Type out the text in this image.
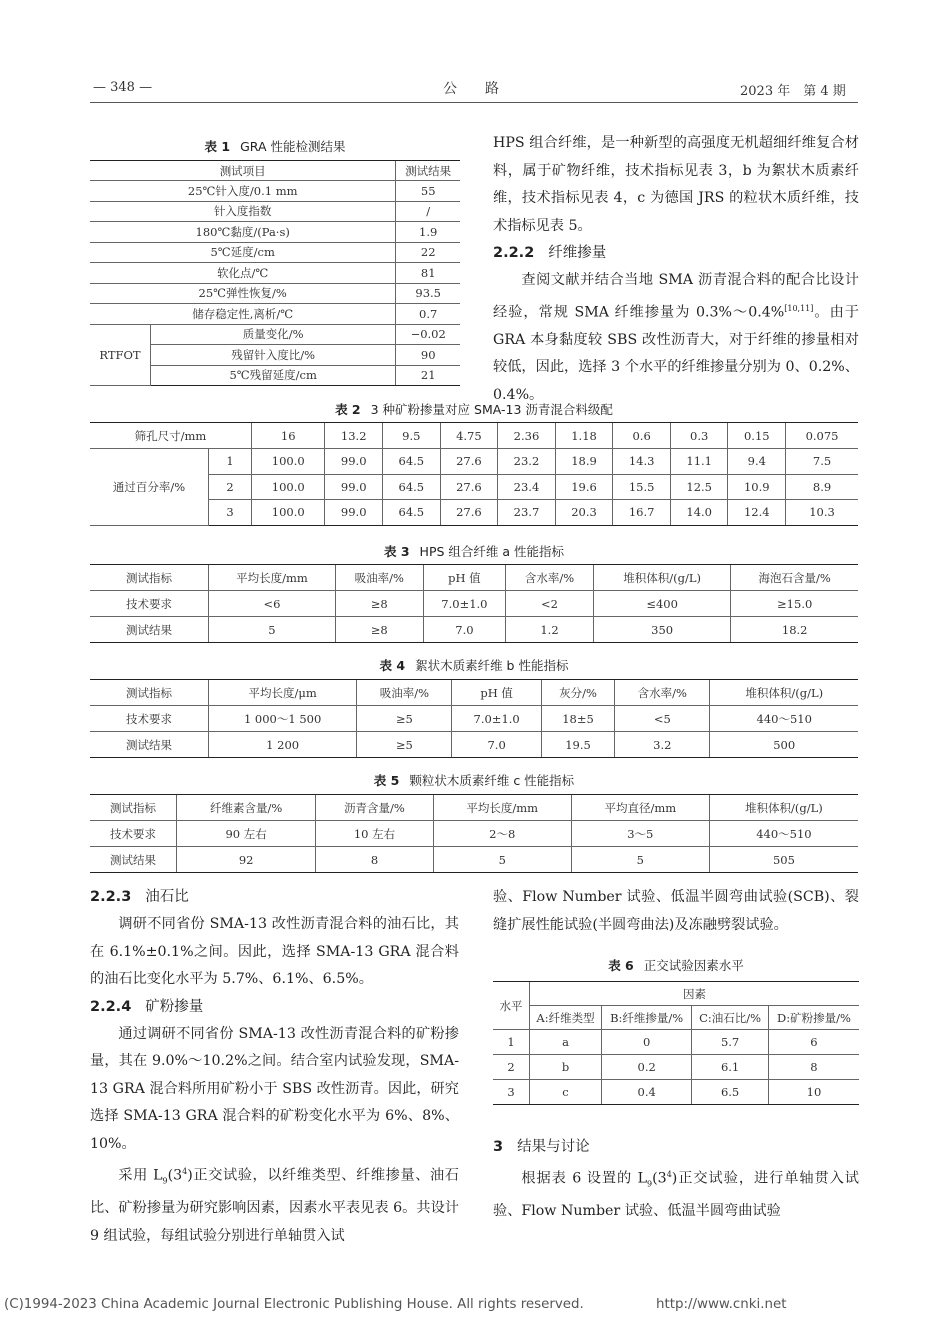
— 348 —	公　　路	2023 年　第 4 期
表 1 GRA 性能检测结果
测试项目		测试结果
25℃针入度/0.1 mm		55
针入度指数		/
180℃黏度/(Pa·s)		1.9
5℃延度/cm		22
软化点/℃		81
25℃弹性恢复/%		93.5
储存稳定性,离析/℃		0.7
RTFOT	质量变化/%	−0.02
	残留针入度比/%	90
	5℃残留延度/cm	21

HPS 组合纤维，是一种新型的高强度无机超细纤维复合材料，属于矿物纤维，技术指标见表 3，b 为絮状木质素纤维，技术指标见表 4，c 为德国 JRS 的粒状木质纤维，技术指标见表 5。

2.2.2 纤维掺量

查阅文献并结合当地 SMA 沥青混合料的配合比设计经验，常规 SMA 纤维掺量为 0.3%～0.4%[10,11]。由于 GRA 本身黏度较 SBS 改性沥青大，对于纤维的掺量相对较低，因此，选择 3 个水平的纤维掺量分别为 0、0.2%、0.4%。

表 2 3 种矿粉掺量对应 SMA-13 沥青混合料级配
筛孔尺寸/mm		16	13.2	9.5	4.75	2.36	1.18	0.6	0.3	0.15	0.075
通过百分率/%	1	100.0	99.0	64.5	27.6	23.2	18.9	14.3	11.1	9.4	7.5
	2	100.0	99.0	64.5	27.6	23.4	19.6	15.5	12.5	10.9	8.9
	3	100.0	99.0	64.5	27.6	23.7	20.3	16.7	14.0	12.4	10.3
表 3 HPS 组合纤维 a 性能指标
测试指标	平均长度/mm	吸油率/%	pH 值	含水率/%	堆积体积/(g/L)	海泡石含量/%
技术要求	<6	≥8	7.0±1.0	<2	≤400	≥15.0
测试结果	5	≥8	7.0	1.2	350	18.2
表 4 絮状木质素纤维 b 性能指标
测试指标	平均长度/μm	吸油率/%	pH 值	灰分/%	含水率/%	堆积体积/(g/L)
技术要求	1 000～1 500	≥5	7.0±1.0	18±5	<5	440～510
测试结果	1 200	≥5	7.0	19.5	3.2	500
表 5 颗粒状木质素纤维 c 性能指标
测试指标	纤维素含量/%	沥青含量/%	平均长度/mm	平均直径/mm	堆积体积/(g/L)
技术要求	90 左右	10 左右	2～8	3～5	440～510
测试结果	92	8	5	5	505
2.2.3 油石比

调研不同省份 SMA-13 改性沥青混合料的油石比，其在 6.1%±0.1%之间。因此，选择 SMA-13 GRA 混合料的油石比变化水平为 5.7%、6.1%、6.5%。

2.2.4 矿粉掺量

通过调研不同省份 SMA-13 改性沥青混合料的矿粉掺量，其在 9.0%～10.2%之间。结合室内试验发现，SMA-13 GRA 混合料所用矿粉小于 SBS 改性沥青。因此，研究选择 SMA-13 GRA 混合料的矿粉变化水平为 6%、8%、10%。

采用 $L_9(3^4)$正交试验，以纤维类型、纤维掺量、油石比、矿粉掺量为研究影响因素，因素水平表见表 6。共设计 9 组试验，每组试验分别进行单轴贯入试

验、Flow Number 试验、低温半圆弯曲试验(SCB)、裂缝扩展性能试验(半圆弯曲法)及冻融劈裂试验。

表 6 正交试验因素水平
水平	因素			
	A:纤维类型	B:纤维掺量/%	C:油石比/%	D:矿粉掺量/%
1	a	0	5.7	6
2	b	0.2	6.1	8
3	c	0.4	6.5	10
3 结果与讨论

根据表 6 设置的 $L_9(3^4)$正交试验，进行单轴贯入试验、Flow Number 试验、低温半圆弯曲试验

(C)1994-2023 China Academic Journal Electronic Publishing House. All rights reserved.	http://www.cnki.net
